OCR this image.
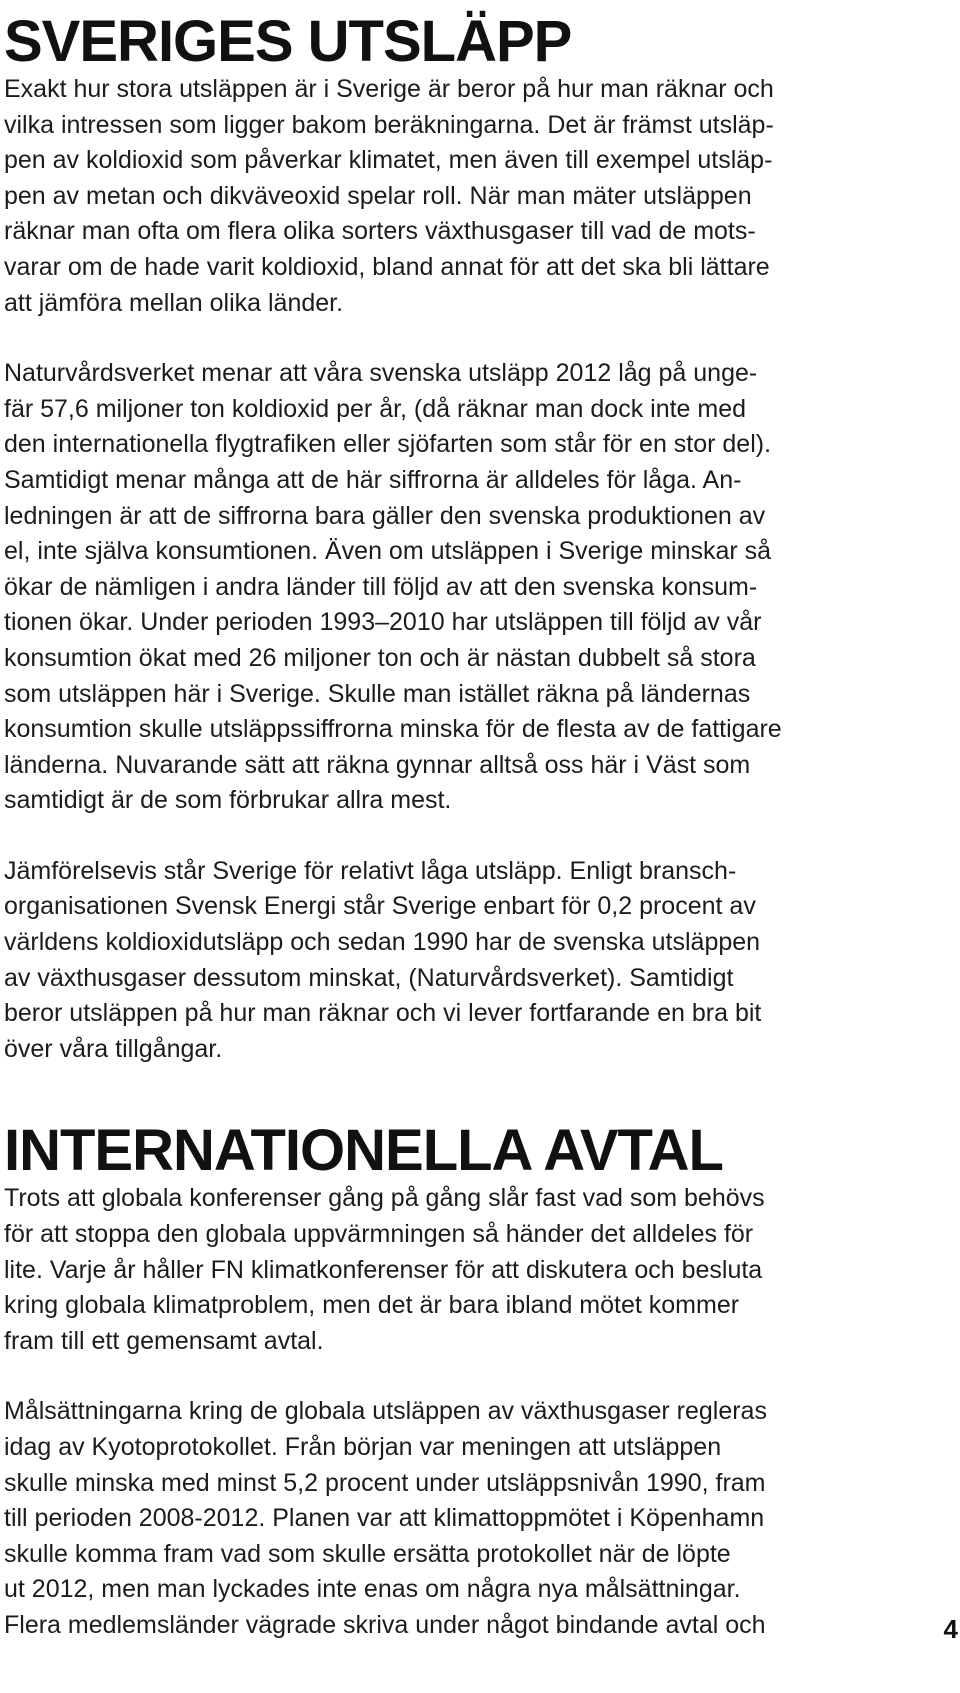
SVERIGES UTSLÄPP

Exakt hur stora utsläppen är i Sverige är beror på hur man räknar och
vilka intressen som ligger bakom beräkningarna. Det är främst utsläp-
pen av koldioxid som påverkar klimatet, men även till exempel utsläp-
pen av metan och dikväveoxid spelar roll. När man mäter utsläppen
räknar man ofta om flera olika sorters växthusgaser till vad de mots-
varar om de hade varit koldioxid, bland annat för att det ska bli lättare
att jämföra mellan olika länder.

Naturvårdsverket menar att våra svenska utsläpp 2012 låg på unge-
fär 57,6 miljoner ton koldioxid per år, (då räknar man dock inte med
den internationella flygtrafiken eller sjöfarten som står för en stor del).
Samtidigt menar många att de här siffrorna är alldeles för låga. An-
ledningen är att de siffrorna bara gäller den svenska produktionen av
el, inte själva konsumtionen. Även om utsläppen i Sverige minskar så
ökar de nämligen i andra länder till följd av att den svenska konsum-
tionen ökar. Under perioden 1993–2010 har utsläppen till följd av vår
konsumtion ökat med 26 miljoner ton och är nästan dubbelt så stora
som utsläppen här i Sverige. Skulle man istället räkna på ländernas
konsumtion skulle utsläppssiffrorna minska för de flesta av de fattigare
länderna. Nuvarande sätt att räkna gynnar alltså oss här i Väst som
samtidigt är de som förbrukar allra mest.

Jämförelsevis står Sverige för relativt låga utsläpp. Enligt bransch-
organisationen Svensk Energi står Sverige enbart för 0,2 procent av
världens koldioxidutsläpp och sedan 1990 har de svenska utsläppen
av växthusgaser dessutom minskat, (Naturvårdsverket). Samtidigt
beror utsläppen på hur man räknar och vi lever fortfarande en bra bit
över våra tillgångar.

INTERNATIONELLA AVTAL

Trots att globala konferenser gång på gång slår fast vad som behövs
för att stoppa den globala uppvärmningen så händer det alldeles för
lite. Varje år håller FN klimatkonferenser för att diskutera och besluta
kring globala klimatproblem, men det är bara ibland mötet kommer
fram till ett gemensamt avtal.

Målsättningarna kring de globala utsläppen av växthusgaser regleras
idag av Kyotoprotokollet. Från början var meningen att utsläppen
skulle minska med minst 5,2 procent under utsläppsnivån 1990, fram
till perioden 2008-2012. Planen var att klimattoppmötet i Köpenhamn
skulle komma fram vad som skulle ersätta protokollet när de löpte
ut 2012, men man lyckades inte enas om några nya målsättningar.
Flera medlemsländer vägrade skriva under något bindande avtal och	4
